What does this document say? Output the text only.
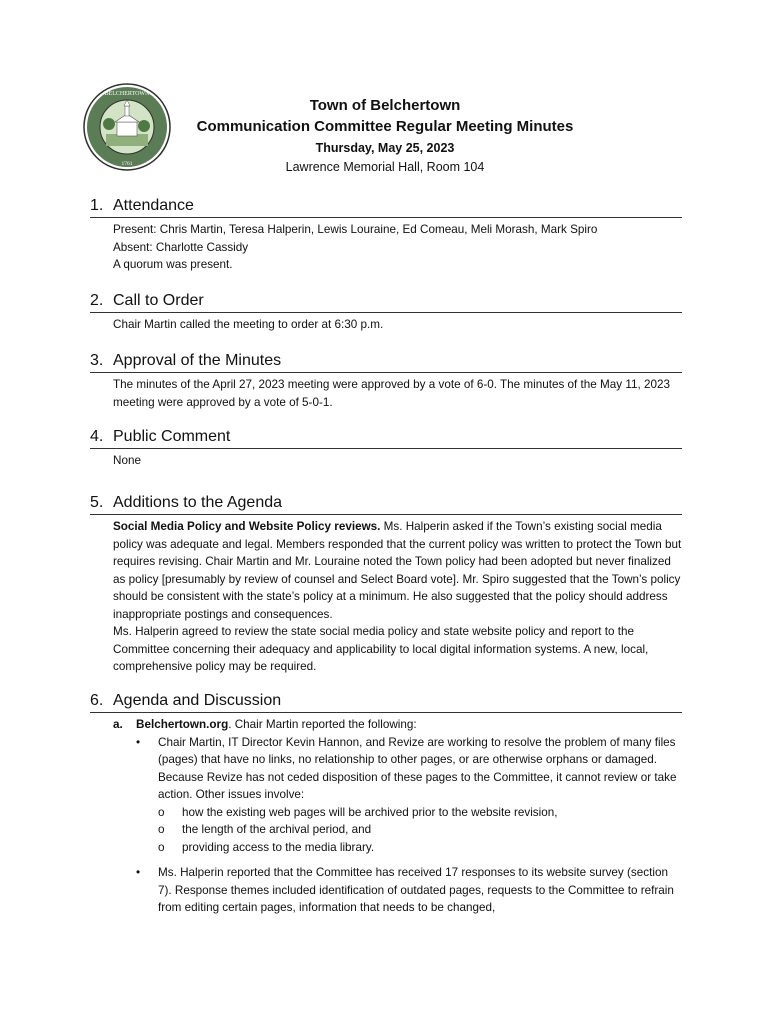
BELCHERTOWN
1761
Town of Belchertown
Communication Committee Regular Meeting Minutes
Thursday, May 25, 2023
Lawrence Memorial Hall, Room 104
1. Attendance

Present: Chris Martin, Teresa Halperin, Lewis Louraine, Ed Comeau, Meli Morash, Mark Spiro

Absent: Charlotte Cassidy

A quorum was present.

2. Call to Order

Chair Martin called the meeting to order at 6:30 p.m.

3. Approval of the Minutes

The minutes of the April 27, 2023 meeting were approved by a vote of 6-0. The minutes of the May 11, 2023 meeting were approved by a vote of 5-0-1.

4. Public Comment

None

5. Additions to the Agenda

Social Media Policy and Website Policy reviews. Ms. Halperin asked if the Town’s existing social media policy was adequate and legal. Members responded that the current policy was written to protect the Town but requires revising. Chair Martin and Mr. Louraine noted the Town policy had been adopted but never finalized as policy [presumably by review of counsel and Select Board vote]. Mr. Spiro suggested that the Town’s policy should be consistent with the state’s policy at a minimum. He also suggested that the policy should address inappropriate postings and consequences.

Ms. Halperin agreed to review the state social media policy and state website policy and report to the Committee concerning their adequacy and applicability to local digital information systems. A new, local, comprehensive policy may be required.

6. Agenda and Discussion
a.	Belchertown.org. Chair Martin reported the following:
• Chair Martin, IT Director Kevin Hannon, and Revize are working to resolve the problem of many files (pages) that have no links, no relationship to other pages, or are otherwise orphans or damaged. Because Revize has not ceded disposition of these pages to the Committee, it cannot review or take action. Other issues involve:
o how the existing web pages will be archived prior to the website revision,
o the length of the archival period, and
o providing access to the media library.
• Ms. Halperin reported that the Committee has received 17 responses to its website survey (section 7). Response themes included identification of outdated pages, requests to the Committee to refrain from editing certain pages, information that needs to be changed,
